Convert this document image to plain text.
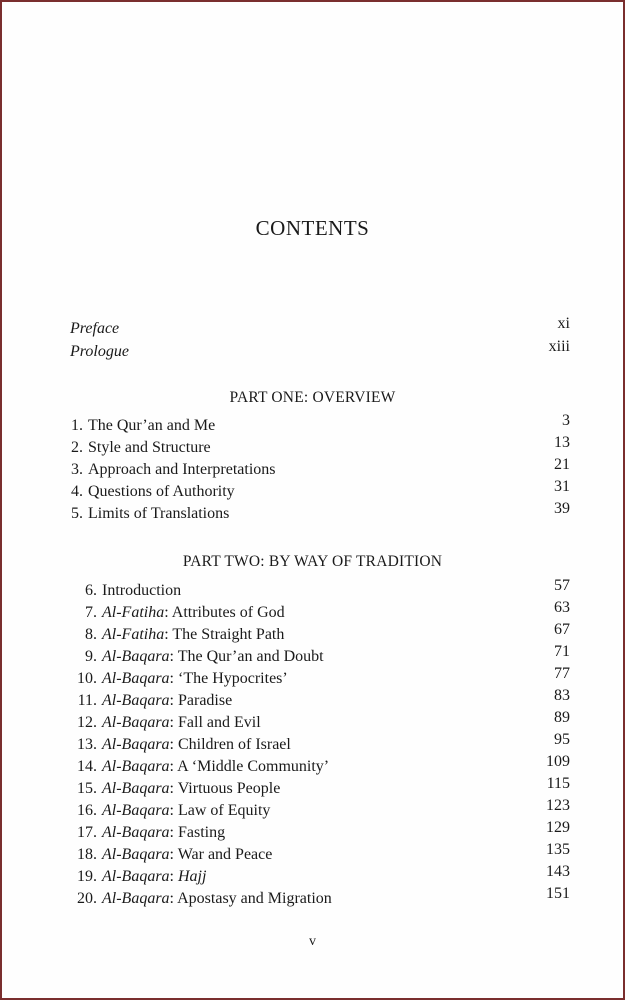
CONTENTS
Preface	xi
Prologue	xiii
PART ONE: OVERVIEW
1. The Qur’an and Me	3
2. Style and Structure	13
3. Approach and Interpretations	21
4. Questions of Authority	31
5. Limits of Translations	39
PART TWO: BY WAY OF TRADITION
6. Introduction	57
7. Al-Fatiha: Attributes of God	63
8. Al-Fatiha: The Straight Path	67
9. Al-Baqara: The Qur’an and Doubt	71
10. Al-Baqara: ‘The Hypocrites’	77
11. Al-Baqara: Paradise	83
12. Al-Baqara: Fall and Evil	89
13. Al-Baqara: Children of Israel	95
14. Al-Baqara: A ‘Middle Community’	109
15. Al-Baqara: Virtuous People	115
16. Al-Baqara: Law of Equity	123
17. Al-Baqara: Fasting	129
18. Al-Baqara: War and Peace	135
19. Al-Baqara: Hajj	143
20. Al-Baqara: Apostasy and Migration	151
v
